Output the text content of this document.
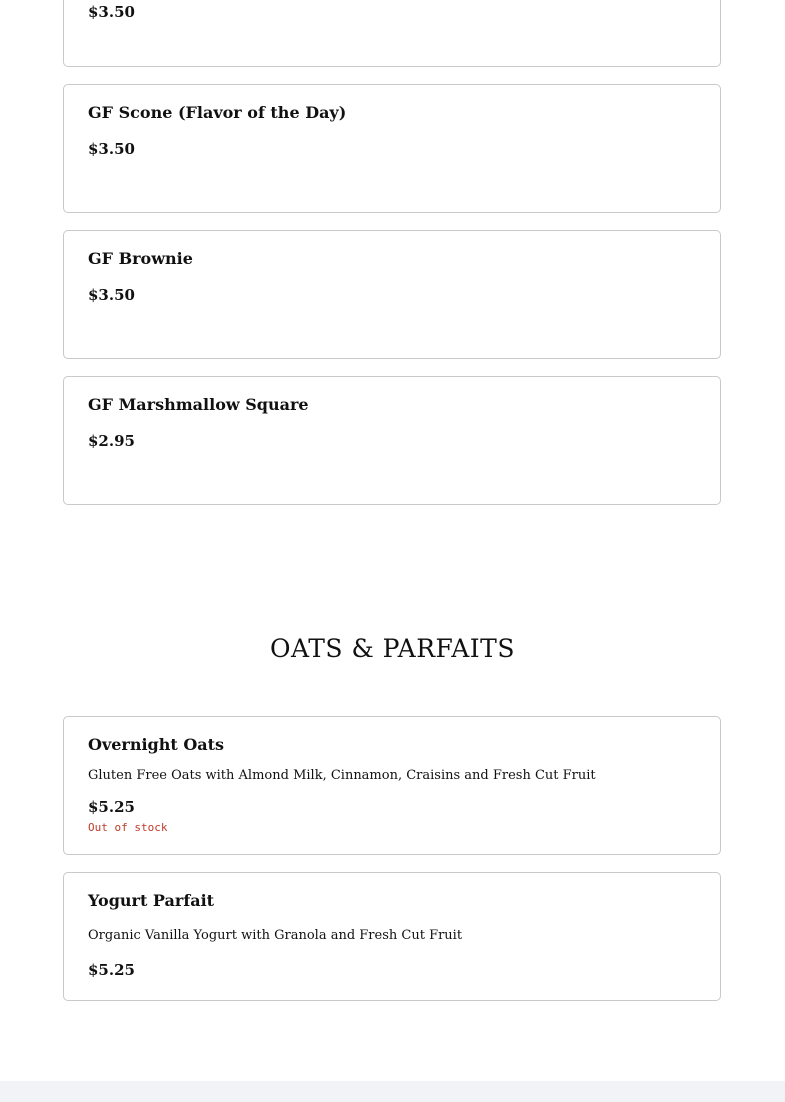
$3.50
GF Scone (Flavor of the Day)
$3.50
GF Brownie
$3.50
GF Marshmallow Square
$2.95
OATS & PARFAITS
Overnight Oats
Gluten Free Oats with Almond Milk, Cinnamon, Craisins and Fresh Cut Fruit
$5.25
Out of stock
Yogurt Parfait
Organic Vanilla Yogurt with Granola and Fresh Cut Fruit
$5.25
